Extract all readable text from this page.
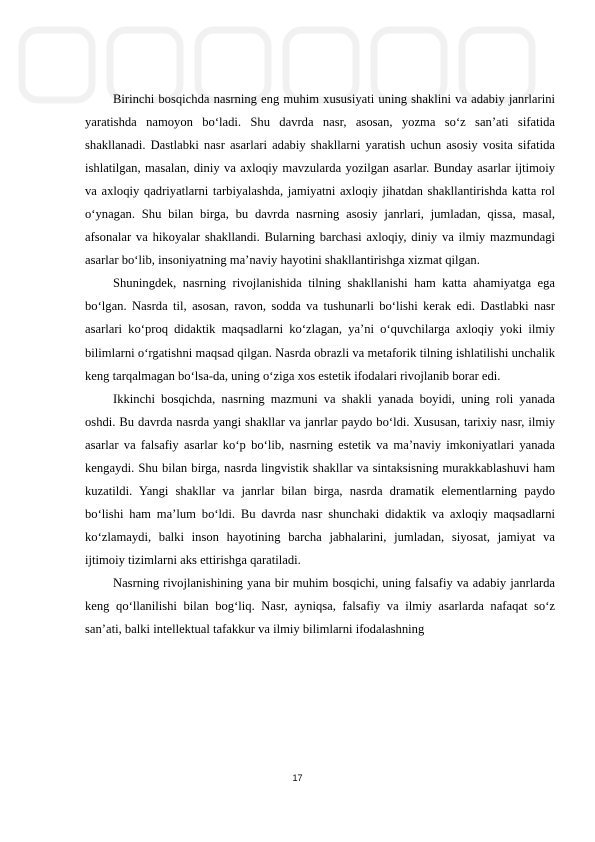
Birinchi bosqichda nasrning eng muhim xususiyati uning shaklini va adabiy janrlarini yaratishda namoyon bo‘ladi. Shu davrda nasr, asosan, yozma so‘z san’ati sifatida shakllanadi. Dastlabki nasr asarlari adabiy shakllarni yaratish uchun asosiy vosita sifatida ishlatilgan, masalan, diniy va axloqiy mavzularda yozilgan asarlar. Bunday asarlar ijtimoiy va axloqiy qadriyatlarni tarbiyalashda, jamiyatni axloqiy jihatdan shakllantirishda katta rol o‘ynagan. Shu bilan birga, bu davrda nasrning asosiy janrlari, jumladan, qissa, masal, afsonalar va hikoyalar shakllandi. Bularning barchasi axloqiy, diniy va ilmiy mazmundagi asarlar bo‘lib, insoniyatning ma’naviy hayotini shakllantirishga xizmat qilgan.

Shuningdek, nasrning rivojlanishida tilning shakllanishi ham katta ahamiyatga ega bo‘lgan. Nasrda til, asosan, ravon, sodda va tushunarli bo‘lishi kerak edi. Dastlabki nasr asarlari ko‘proq didaktik maqsadlarni ko‘zlagan, ya’ni o‘quvchilarga axloqiy yoki ilmiy bilimlarni o‘rgatishni maqsad qilgan. Nasrda obrazli va metaforik tilning ishlatilishi unchalik keng tarqalmagan bo‘lsa-da, uning o‘ziga xos estetik ifodalari rivojlanib borar edi.

Ikkinchi bosqichda, nasrning mazmuni va shakli yanada boyidi, uning roli yanada oshdi. Bu davrda nasrda yangi shakllar va janrlar paydo bo‘ldi. Xususan, tarixiy nasr, ilmiy asarlar va falsafiy asarlar ko‘p bo‘lib, nasrning estetik va ma’naviy imkoniyatlari yanada kengaydi. Shu bilan birga, nasrda lingvistik shakllar va sintaksisning murakkablashuvi ham kuzatildi. Yangi shakllar va janrlar bilan birga, nasrda dramatik elementlarning paydo bo‘lishi ham ma’lum bo‘ldi. Bu davrda nasr shunchaki didaktik va axloqiy maqsadlarni ko‘zlamaydi, balki inson hayotining barcha jabhalarini, jumladan, siyosat, jamiyat va ijtimoiy tizimlarni aks ettirishga qaratiladi.

Nasrning rivojlanishining yana bir muhim bosqichi, uning falsafiy va adabiy janrlarda keng qo‘llanilishi bilan bog‘liq. Nasr, ayniqsa, falsafiy va ilmiy asarlarda nafaqat so‘z san’ati, balki intellektual tafakkur va ilmiy bilimlarni ifodalashning

17
